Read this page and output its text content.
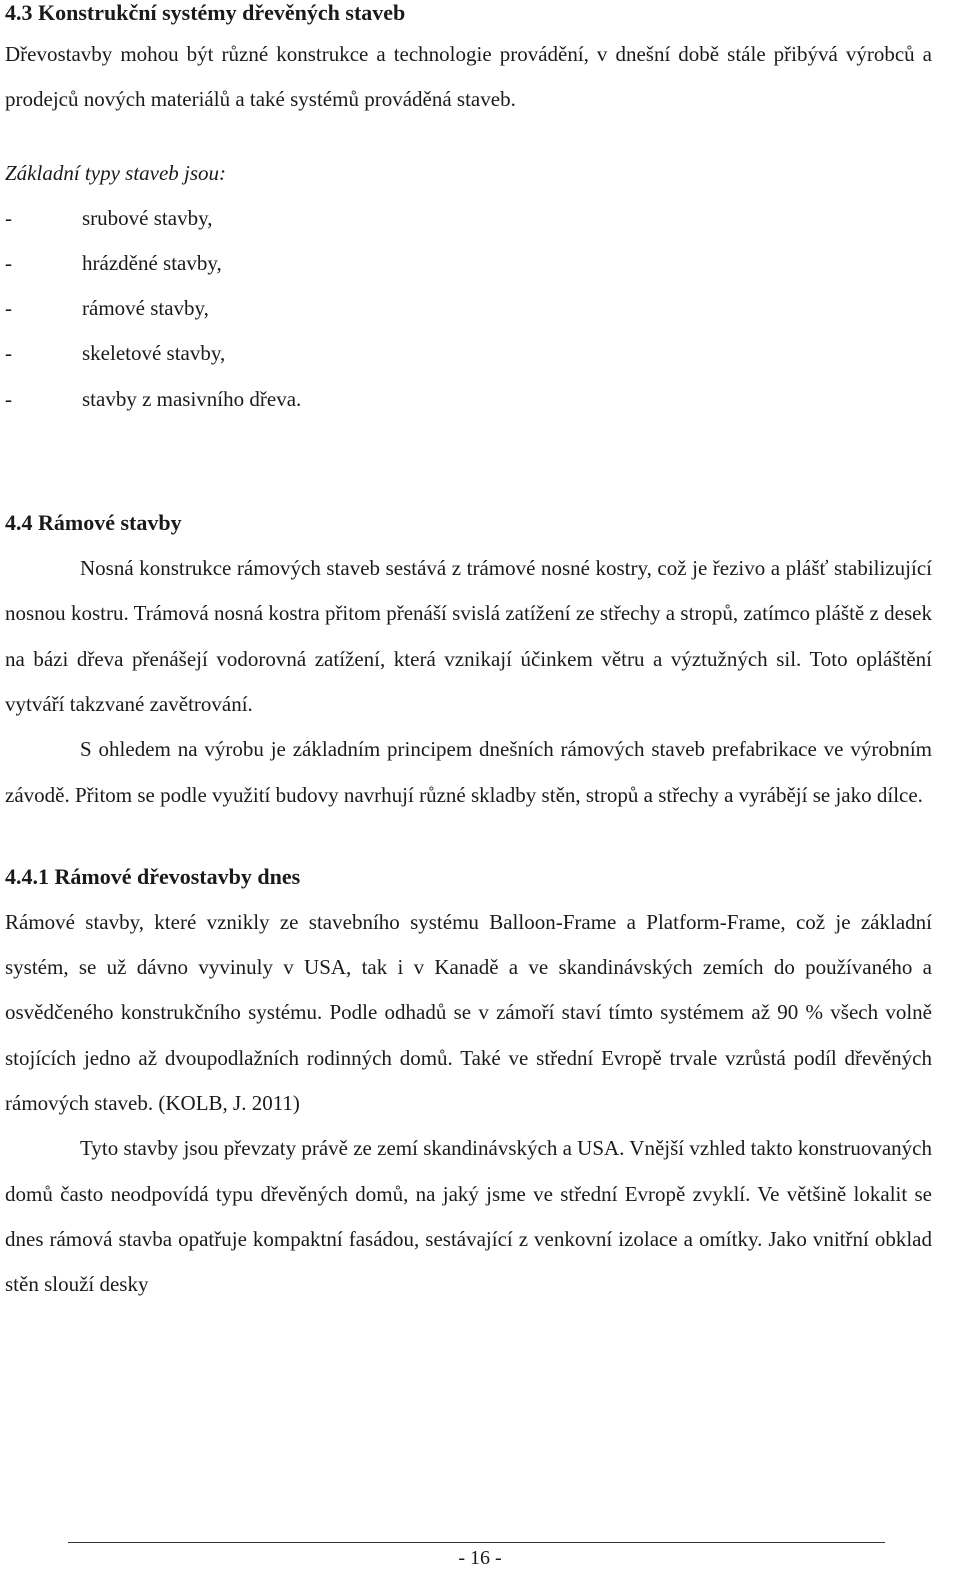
4.3 Konstrukční systémy dřevěných staveb

Dřevostavby mohou být různé konstrukce a technologie provádění, v dnešní době stále přibývá výrobců a prodejců nových materiálů a také systémů prováděná staveb.

Základní typy staveb jsou:

-	srubové stavby,
-	hrázděné stavby,
-	rámové stavby,
-	skeletové stavby,
-	stavby z masivního dřeva.
4.4 Rámové stavby

Nosná konstrukce rámových staveb sestává z trámové nosné kostry, což je řezivo a plášť stabilizující nosnou kostru. Trámová nosná kostra přitom přenáší svislá zatížení ze střechy a stropů, zatímco pláště z desek na bázi dřeva přenášejí vodorovná zatížení, která vznikají účinkem větru a výztužných sil. Toto opláštění vytváří takzvané zavětrování.

S ohledem na výrobu je základním principem dnešních rámových staveb prefabrikace ve výrobním závodě. Přitom se podle využití budovy navrhují různé skladby stěn, stropů a střechy a vyrábějí se jako dílce.

4.4.1 Rámové dřevostavby dnes

Rámové stavby, které vznikly ze stavebního systému Balloon-Frame a Platform-Frame, což je základní systém, se už dávno vyvinuly v USA, tak i v Kanadě a ve skandinávských zemích do používaného a osvědčeného konstrukčního systému. Podle odhadů se v zámoří staví tímto systémem až 90 % všech volně stojících jedno až dvoupodlažních rodinných domů. Také ve střední Evropě trvale vzrůstá podíl dřevěných rámových staveb. (KOLB, J. 2011)

Tyto stavby jsou převzaty právě ze zemí skandinávských a USA. Vnější vzhled takto konstruovaných domů často neodpovídá typu dřevěných domů, na jaký jsme ve střední Evropě zvyklí. Ve většině lokalit se dnes rámová stavba opatřuje kompaktní fasádou, sestávající z venkovní izolace a omítky. Jako vnitřní obklad stěn slouží desky

- 16 -
